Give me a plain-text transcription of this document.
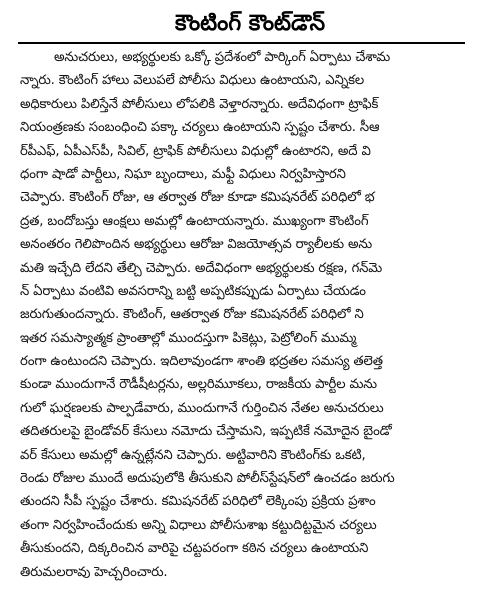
కౌంటింగ్ కౌంట్‌డౌన్
అనుచరులు, అభ్యర్థులకు ఒక్కో ప్రదేశంలో పార్కింగ్ ఏర్పాటు చేశామ
న్నారు. కౌంటింగ్ హాలు వెలుపలే పోలీసు విధులు ఉంటాయని, ఎన్నికల
అధికారులు పిలిస్తేనే పోలీసులు లోపలికి వెళ్తారన్నారు. అదేవిధంగా ట్రాఫిక్
నియంత్రణకు సంబంధించి పక్కా చర్యలు ఉంటాయని స్పష్టం చేశారు. సీఆ
ర్‌పీఎఫ్, ఏపీఎస్‌పీ, సివిల్, ట్రాఫిక్ పోలీసులు విధుల్లో ఉంటారని, అదే వి
ధంగా షాడో పార్టీలు, నిఘా బృందాలు, మఫ్టీ విధులు నిర్వహిస్తారని
చెప్పారు. కౌంటింగ్ రోజు, ఆ తర్వాత రోజు కూడా కమిషనరేట్ పరిధిలో భ
ద్రత, బందోబస్తు ఆంక్షలు అమల్లో ఉంటాయన్నారు. ముఖ్యంగా కౌంటింగ్
అనంతరం గెలిపొందిన అభ్యర్థులు ఆరోజు విజయోత్సవ ర్యాలీలకు అను
మతి ఇచ్చేది లేదని తేల్చి చెప్పారు. అదేవిధంగా అభ్యర్థులకు రక్షణ, గన్‌మె
న్‌ ఏర్పాటు వంటివి అవసరాన్ని బట్టి అప్పటికప్పుడు ఏర్పాటు చేయడం
జరుగుతుందన్నారు. కౌంటింగ్, ఆతర్వాత రోజు కమిషనరేట్ పరిధిలో ని
ఇతర సమస్యాత్మక ప్రాంతాల్లో ముందస్తుగా పికెట్లు, పెట్రోలింగ్ ముమ్మ
రంగా ఉంటుందని చెప్పారు. ఇదిలావుండగా శాంతి భద్రతల సమస్య తలెత్త
కుండా ముందుగానే రౌడీషీటర్లను, అల్లరిమూకలు, రాజకీయ పార్టీల మను
గులో ఘర్షణలకు పాల్పడేవారు, ముందుగానే గుర్తించిన నేతల అనుచరులు
తదితరులపై బైండోవర్ కేసులు నమోదు చేస్తామని, ఇప్పటికే నమోదైన బైండో
వర్ కేసులు అమల్లో ఉన్నట్లేనని చెప్పారు. అట్టివారిని కౌంటింగ్‌కు ఒకటి,
రెండు రోజుల ముందే అదుపులోకి తీసుకుని పోలీస్‌స్టేషన్‌లో ఉంచడం జరుగు
తుందని సీపీ స్పష్టం చేశారు. కమిషనరేట్ పరిధిలో లెక్కింపు ప్రక్రియ ప్రశాం
తంగా నిర్వహించేందుకు అన్ని విధాలు పోలీసుశాఖ కట్టుదిట్టమైన చర్యలు
తీసుకుందని, దిక్కరించిన వారిపై చట్టపరంగా కఠిన చర్యలు ఉంటాయని
తిరుమలరావు హెచ్చరించారు.
